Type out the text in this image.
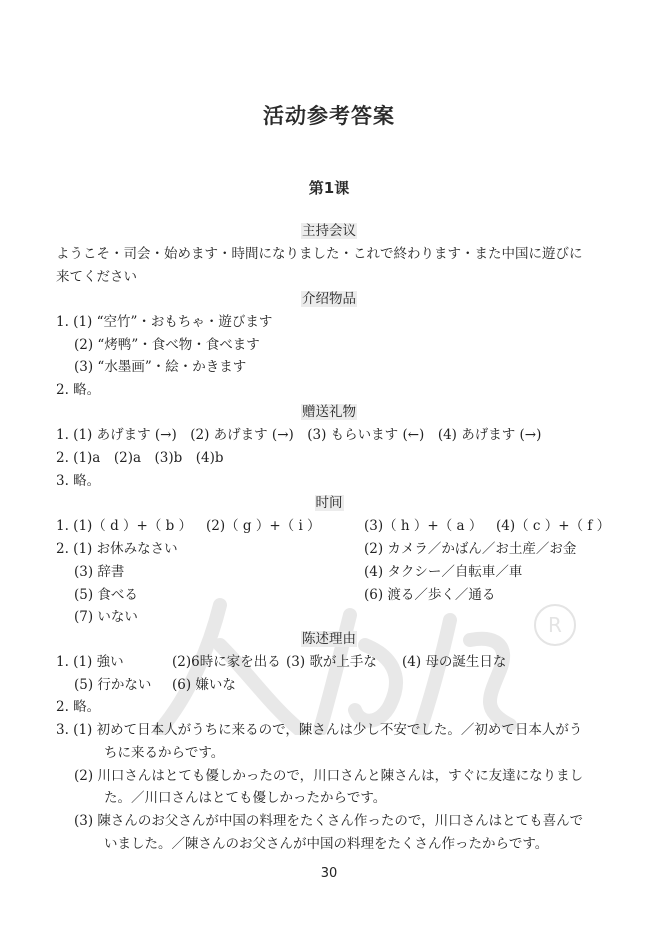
R
活动参考答案
第1课
主持会议
ようこそ・司会・始めます・時間になりました・これで終わります・また中国に遊びに
来てください
介绍物品
1. (1) “空竹”・おもちゃ・遊びます
(2) “烤鸭”・食べ物・食べます
(3) “水墨画”・絵・かきます
2. 略。
赠送礼物
1. (1) あげます (→)　(2) あげます (→)　(3) もらいます (←)　(4) あげます (→)
2. (1)a　(2)a　(3)b　(4)b
3. 略。
时间
1. (1)（ d ）+（ b ） (2)（ g ）+（ i ）	(3)（ h ）+（ a ） (4)（ c ）+（ f ）
2. (1) お休みなさい	(2) カメラ／かばん／お土産／お金
(3) 辞書	(4) タクシー／自転車／車
(5) 食べる	(6) 渡る／歩く／通る
(7) いない
陈述理由
1. (1) 強い	(2)6時に家を出る (3) 歌が上手な (4) 母の誕生日な
(5) 行かない (6) 嫌いな
2. 略。
3. (1) 初めて日本人がうちに来るので，陳さんは少し不安でした。／初めて日本人がう
ちに来るからです。
(2) 川口さんはとても優しかったので，川口さんと陳さんは，すぐに友達になりまし
た。／川口さんはとても優しかったからです。
(3) 陳さんのお父さんが中国の料理をたくさん作ったので，川口さんはとても喜んで
いました。／陳さんのお父さんが中国の料理をたくさん作ったからです。
30
